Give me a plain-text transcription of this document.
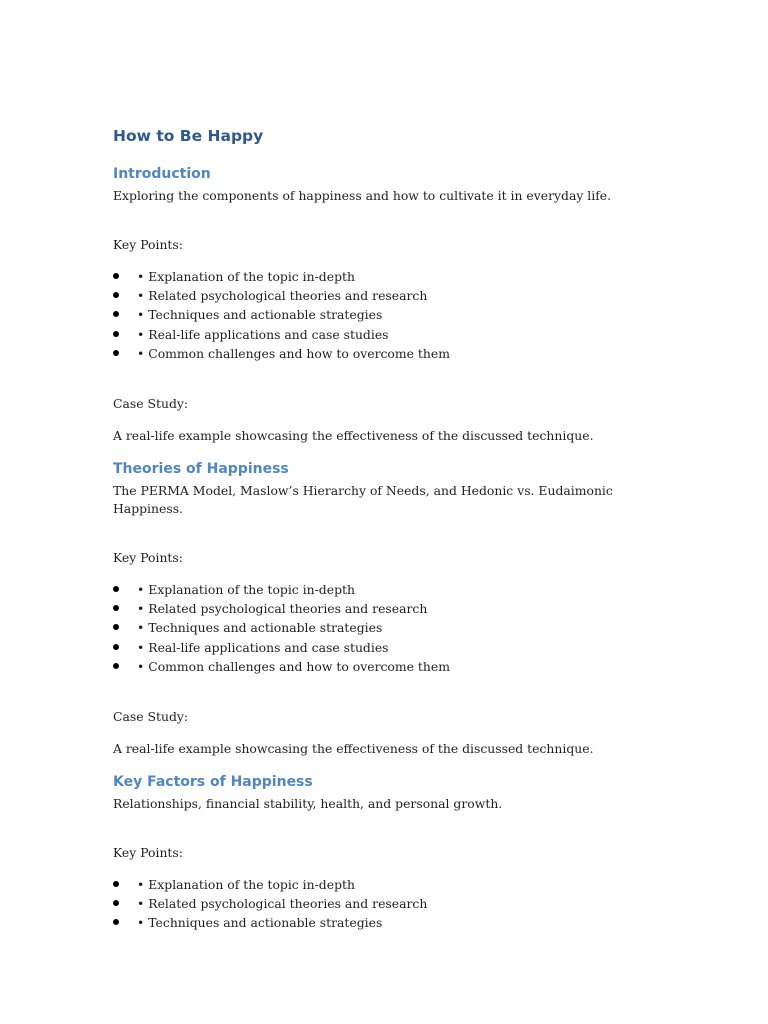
How to Be Happy
Introduction

Exploring the components of happiness and how to cultivate it in everyday life.

Key Points:

• Explanation of the topic in-depth
• Related psychological theories and research
• Techniques and actionable strategies
• Real-life applications and case studies
• Common challenges and how to overcome them

Case Study:

A real-life example showcasing the effectiveness of the discussed technique.

Theories of Happiness

The PERMA Model, Maslow’s Hierarchy of Needs, and Hedonic vs. Eudaimonic Happiness.

Key Points:

• Explanation of the topic in-depth
• Related psychological theories and research
• Techniques and actionable strategies
• Real-life applications and case studies
• Common challenges and how to overcome them

Case Study:

A real-life example showcasing the effectiveness of the discussed technique.

Key Factors of Happiness

Relationships, financial stability, health, and personal growth.

Key Points:

• Explanation of the topic in-depth
• Related psychological theories and research
• Techniques and actionable strategies
